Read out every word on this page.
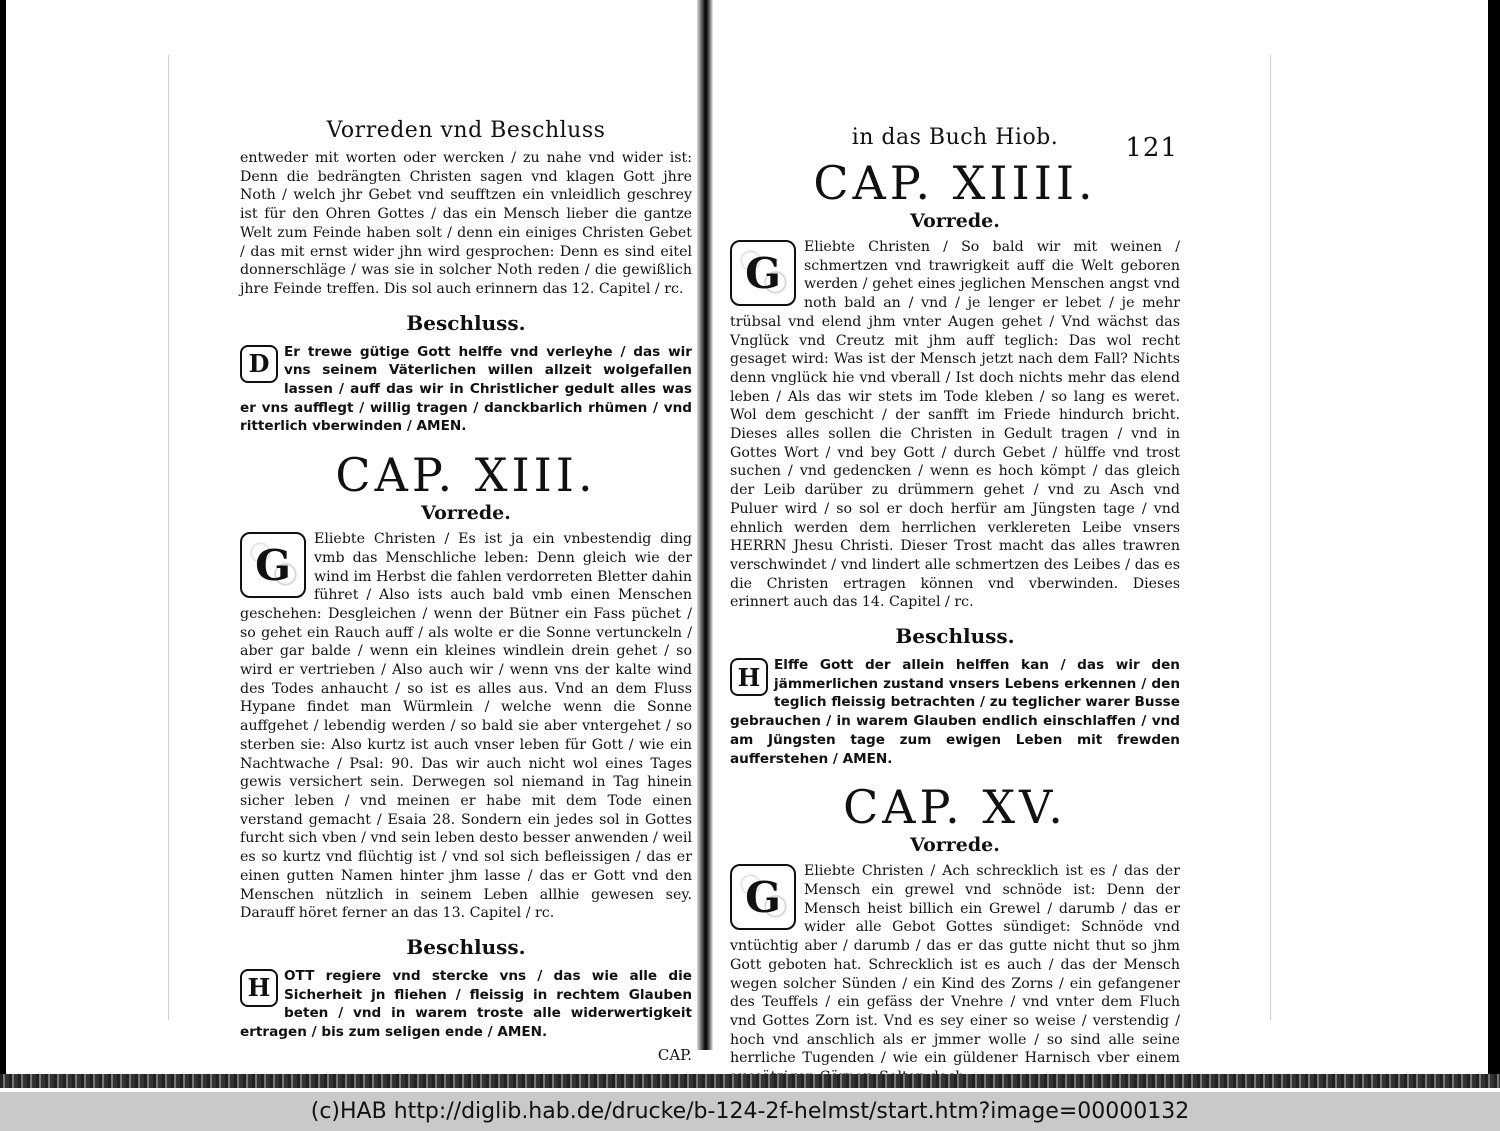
Vorreden vnd Beschluss

entweder mit worten oder wercken / zu nahe vnd wider ist: Denn die bedrängten Christen sagen vnd klagen Gott jhre Noth / welch jhr Gebet vnd seufftzen ein vnleidlich geschrey ist für den Ohren Gottes / das ein Mensch lieber die gantze Welt zum Feinde haben solt / denn ein einiges Christen Gebet / das mit ernst wider jhn wird gesprochen: Denn es sind eitel donnerschläge / was sie in solcher Noth reden / die gewißlich jhre Feinde treffen. Dis sol auch erinnern das 12. Capitel / rc.

Beschluss.
D	Er trewe gütige Gott helffe vnd verleyhe / das wir vns seinem Väterlichen willen allzeit wolgefallen lassen / auff das wir in Christlicher gedult alles was er vns aufflegt / willig tragen / danckbarlich rhümen / vnd ritterlich vberwinden / AMEN.

CAP. XIII.
Vorrede.
G

Eliebte Christen / Es ist ja ein vnbestendig ding vmb das Menschliche leben: Denn gleich wie der wind im Herbst die fahlen verdorreten Bletter dahin führet / Also ists auch bald vmb einen Menschen geschehen: Desgleichen / wenn der Bütner ein Fass püchet / so gehet ein Rauch auff / als wolte er die Sonne vertunckeln / aber gar balde / wenn ein kleines windlein drein gehet / so wird er vertrieben / Also auch wir / wenn vns der kalte wind des Todes anhaucht / so ist es alles aus. Vnd an dem Fluss Hypane findet man Würmlein / welche wenn die Sonne auffgehet / lebendig werden / so bald sie aber vntergehet / so sterben sie: Also kurtz ist auch vnser leben für Gott / wie ein Nachtwache / Psal: 90. Das wir auch nicht wol eines Tages gewis versichert sein. Derwegen sol niemand in Tag hinein sicher leben / vnd meinen er habe mit dem Tode einen verstand gemacht / Esaia 28. Sondern ein jedes sol in Gottes furcht sich vben / vnd sein leben desto besser anwenden / weil es so kurtz vnd flüchtig ist / vnd sol sich befleissigen / das er einen gutten Namen hinter jhm lasse / das er Gott vnd den Menschen nützlich in seinem Leben allhie gewesen sey. Darauff höret ferner an das 13. Capitel / rc.

Beschluss.
H	OTT regiere vnd stercke vns / das wie alle die Sicherheit jn fliehen / fleissig in rechtem Glauben beten / vnd in warem troste alle widerwertigkeit ertragen / bis zum seligen ende / AMEN.

CAP.
in das Buch Hiob.	121
CAP. XIIII.
Vorrede.
G

Eliebte Christen / So bald wir mit weinen / schmertzen vnd trawrigkeit auff die Welt geboren werden / gehet eines jeglichen Menschen angst vnd noth bald an / vnd / je lenger er lebet / je mehr trübsal vnd elend jhm vnter Augen gehet / Vnd wächst das Vnglück vnd Creutz mit jhm auff teglich: Das wol recht gesaget wird: Was ist der Mensch jetzt nach dem Fall? Nichts denn vnglück hie vnd vberall / Ist doch nichts mehr das elend leben / Als das wir stets im Tode kleben / so lang es weret. Wol dem geschicht / der sanfft im Friede hindurch bricht. Dieses alles sollen die Christen in Gedult tragen / vnd in Gottes Wort / vnd bey Gott / durch Gebet / hülffe vnd trost suchen / vnd gedencken / wenn es hoch kömpt / das gleich der Leib darüber zu drümmern gehet / vnd zu Asch vnd Puluer wird / so sol er doch herfür am Jüngsten tage / vnd ehnlich werden dem herrlichen verklereten Leibe vnsers HERRN Jhesu Christi. Dieser Trost macht das alles trawren verschwindet / vnd lindert alle schmertzen des Leibes / das es die Christen ertragen können vnd vberwinden. Dieses erinnert auch das 14. Capitel / rc.

Beschluss.
H	Elffe Gott der allein helffen kan / das wir den jämmerlichen zustand vnsers Lebens erkennen / den teglich fleissig betrachten / zu teglicher warer Busse gebrauchen / in warem Glauben endlich einschlaffen / vnd am Jüngsten tage zum ewigen Leben mit frewden aufferstehen / AMEN.

CAP. XV.
Vorrede.
G

Eliebte Christen / Ach schrecklich ist es / das der Mensch ein grewel vnd schnöde ist: Denn der Mensch heist billich ein Grewel / darumb / das er wider alle Gebot Gottes sündiget: Schnöde vnd vntüchtig aber / darumb / das er das gutte nicht thut so jhm Gott geboten hat. Schrecklich ist es auch / das der Mensch wegen solcher Sünden / ein Kind des Zorns / ein gefangener des Teuffels / ein gefäss der Vnehre / vnd vnter dem Fluch vnd Gottes Zorn ist. Vnd es sey einer so weise / verstendig / hoch vnd anschlich als er jmmer wolle / so sind alle seine herrliche Tugenden / wie ein güldener Harnisch vber einem

(c)HAB http://diglib.hab.de/drucke/b-124-2f-helmst/start.htm?image=00000132
